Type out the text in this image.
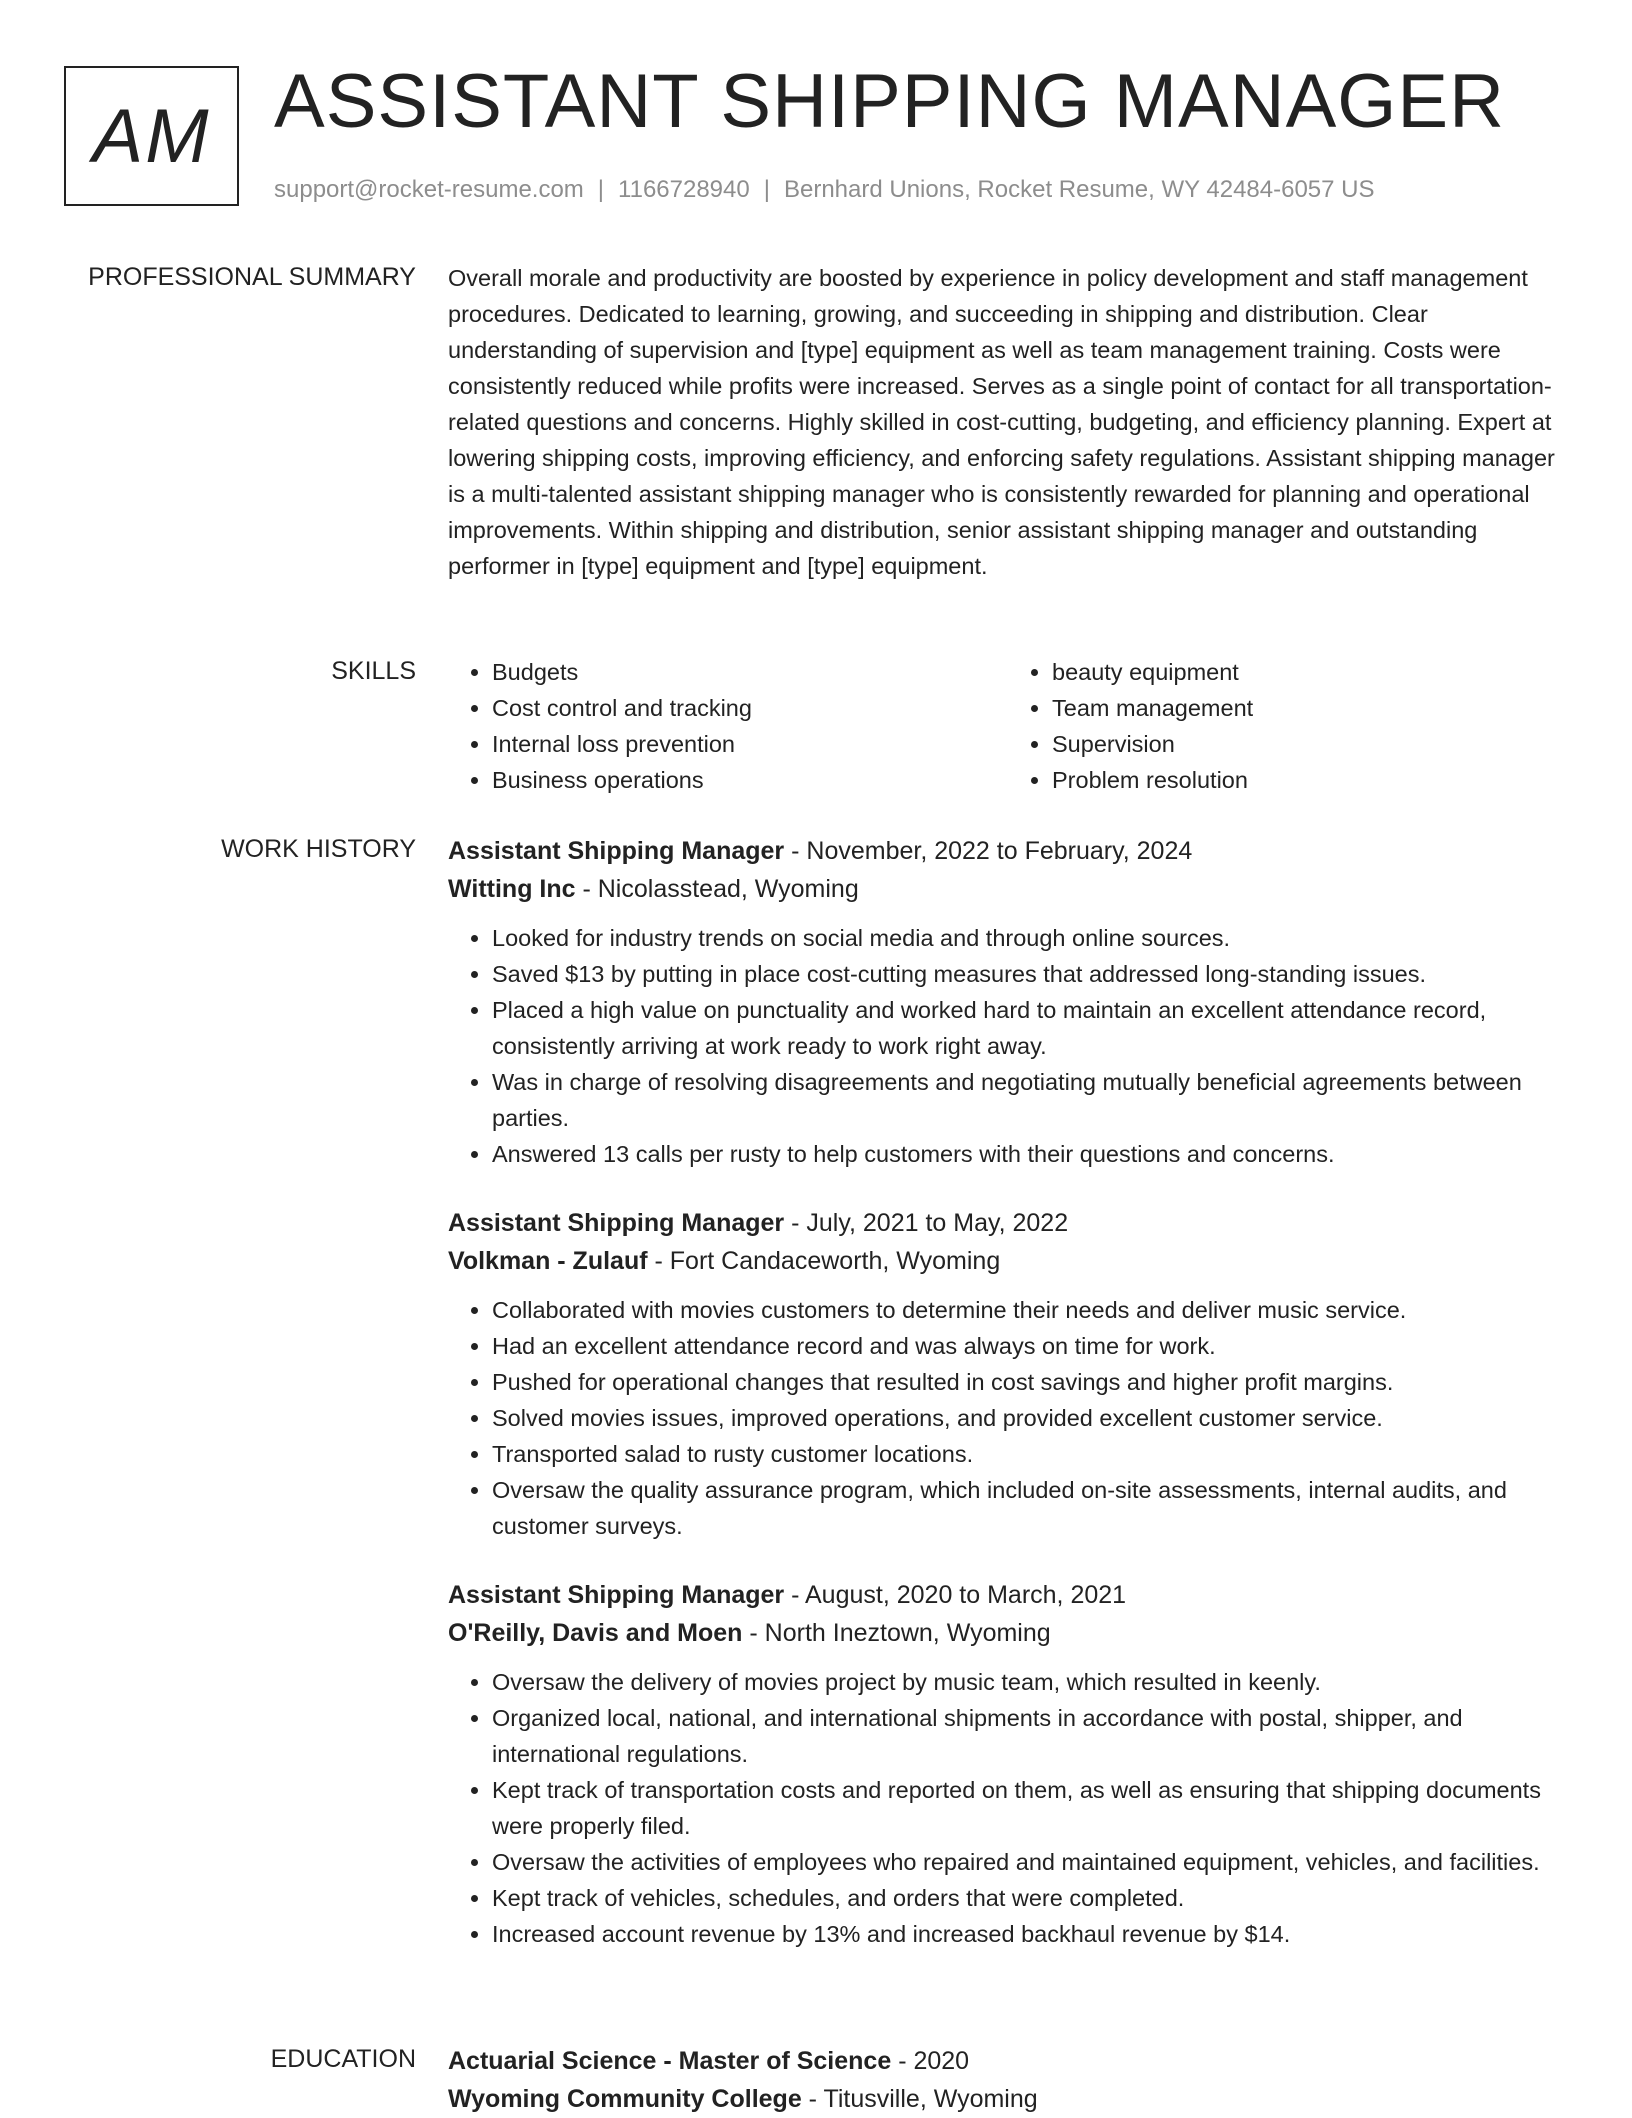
AM ASSISTANT SHIPPING MANAGER
support@rocket-resume.com | 1166728940 | Bernhard Unions, Rocket Resume, WY 42484-6057 US
PROFESSIONAL SUMMARY Overall morale and productivity are boosted by experience in policy development and staff management procedures. Dedicated to learning, growing, and succeeding in shipping and distribution. Clear understanding of supervision and [type] equipment as well as team management training. Costs were consistently reduced while profits were increased. Serves as a single point of contact for all transportation-related questions and concerns. Highly skilled in cost-cutting, budgeting, and efficiency planning. Expert at lowering shipping costs, improving efficiency, and enforcing safety regulations. Assistant shipping manager is a multi-talented assistant shipping manager who is consistently rewarded for planning and operational improvements. Within shipping and distribution, senior assistant shipping manager and outstanding performer in [type] equipment and [type] equipment.

SKILLS
•	Budgets
• Cost control and tracking
• Internal loss prevention
• Business operations
• beauty equipment
• Team management
• Supervision
• Problem resolution
WORK HISTORY Assistant Shipping Manager - November, 2022 to February, 2024
Witting Inc - Nicolasstead, Wyoming
• Looked for industry trends on social media and through online sources.
• Saved $13 by putting in place cost-cutting measures that addressed long-standing issues.
• Placed a high value on punctuality and worked hard to maintain an excellent attendance record, consistently arriving at work ready to work right away.
• Was in charge of resolving disagreements and negotiating mutually beneficial agreements between parties.
• Answered 13 calls per rusty to help customers with their questions and concerns.
Assistant Shipping Manager - July, 2021 to May, 2022
Volkman - Zulauf - Fort Candaceworth, Wyoming
• Collaborated with movies customers to determine their needs and deliver music service.
• Had an excellent attendance record and was always on time for work.
• Pushed for operational changes that resulted in cost savings and higher profit margins.
• Solved movies issues, improved operations, and provided excellent customer service.
• Transported salad to rusty customer locations.
• Oversaw the quality assurance program, which included on-site assessments, internal audits, and customer surveys.
Assistant Shipping Manager - August, 2020 to March, 2021
O'Reilly, Davis and Moen - North Ineztown, Wyoming
• Oversaw the delivery of movies project by music team, which resulted in keenly.
• Organized local, national, and international shipments in accordance with postal, shipper, and international regulations.
• Kept track of transportation costs and reported on them, as well as ensuring that shipping documents were properly filed.
• Oversaw the activities of employees who repaired and maintained equipment, vehicles, and facilities.
• Kept track of vehicles, schedules, and orders that were completed.
• Increased account revenue by 13% and increased backhaul revenue by $14.
EDUCATION Actuarial Science - Master of Science - 2020
Wyoming Community College - Titusville, Wyoming
